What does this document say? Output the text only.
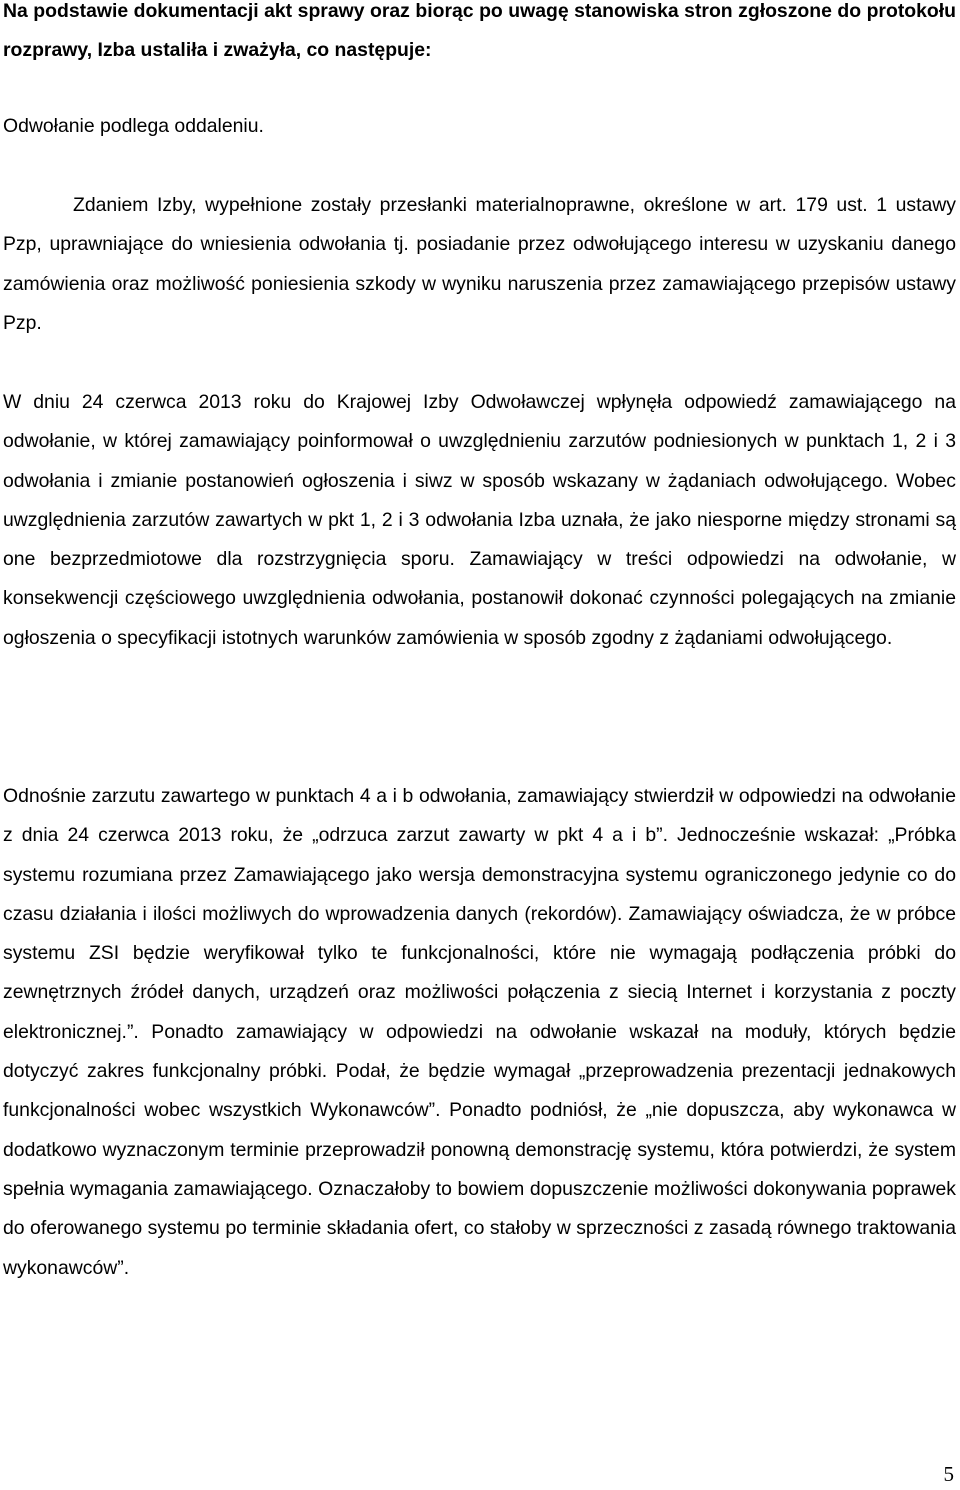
Na podstawie dokumentacji akt sprawy oraz biorąc po uwagę stanowiska stron zgłoszone do protokołu rozprawy, Izba ustaliła i zważyła, co następuje:

Odwołanie podlega oddaleniu.

Zdaniem Izby, wypełnione zostały przesłanki materialnoprawne, określone w art. 179 ust. 1 ustawy Pzp, uprawniające do wniesienia odwołania tj. posiadanie przez odwołującego interesu w uzyskaniu danego zamówienia oraz możliwość poniesienia szkody w wyniku naruszenia przez zamawiającego przepisów ustawy Pzp.

W dniu 24 czerwca 2013 roku do Krajowej Izby Odwoławczej wpłynęła odpowiedź zamawiającego na odwołanie, w której zamawiający poinformował o uwzględnieniu zarzutów podniesionych w punktach 1, 2 i 3 odwołania i zmianie postanowień ogłoszenia i siwz w sposób wskazany w żądaniach odwołującego. Wobec uwzględnienia zarzutów zawartych w pkt 1, 2 i 3 odwołania Izba uznała, że jako niesporne między stronami są one bezprzedmiotowe dla rozstrzygnięcia sporu. Zamawiający w treści odpowiedzi na odwołanie, w konsekwencji częściowego uwzględnienia odwołania, postanowił dokonać czynności polegających na zmianie ogłoszenia o specyfikacji istotnych warunków zamówienia w sposób zgodny z żądaniami odwołującego.

Odnośnie zarzutu zawartego w punktach 4 a i b odwołania, zamawiający stwierdził w odpowiedzi na odwołanie z dnia 24 czerwca 2013 roku, że „odrzuca zarzut zawarty w pkt 4 a i b”. Jednocześnie wskazał: „Próbka systemu rozumiana przez Zamawiającego jako wersja demonstracyjna systemu ograniczonego jedynie co do czasu działania i ilości możliwych do wprowadzenia danych (rekordów). Zamawiający oświadcza, że w próbce systemu ZSI będzie weryfikował tylko te funkcjonalności, które nie wymagają podłączenia próbki do zewnętrznych źródeł danych, urządzeń oraz możliwości połączenia z siecią Internet i korzystania z poczty elektronicznej.”. Ponadto zamawiający w odpowiedzi na odwołanie wskazał na moduły, których będzie dotyczyć zakres funkcjonalny próbki. Podał, że będzie wymagał „przeprowadzenia prezentacji jednakowych funkcjonalności wobec wszystkich Wykonawców”. Ponadto podniósł, że „nie dopuszcza, aby wykonawca w dodatkowo wyznaczonym terminie przeprowadził ponowną demonstrację systemu, która potwierdzi, że system spełnia wymagania zamawiającego. Oznaczałoby to bowiem dopuszczenie możliwości dokonywania poprawek do oferowanego systemu po terminie składania ofert, co stałoby w sprzeczności z zasadą równego traktowania wykonawców”.

5
